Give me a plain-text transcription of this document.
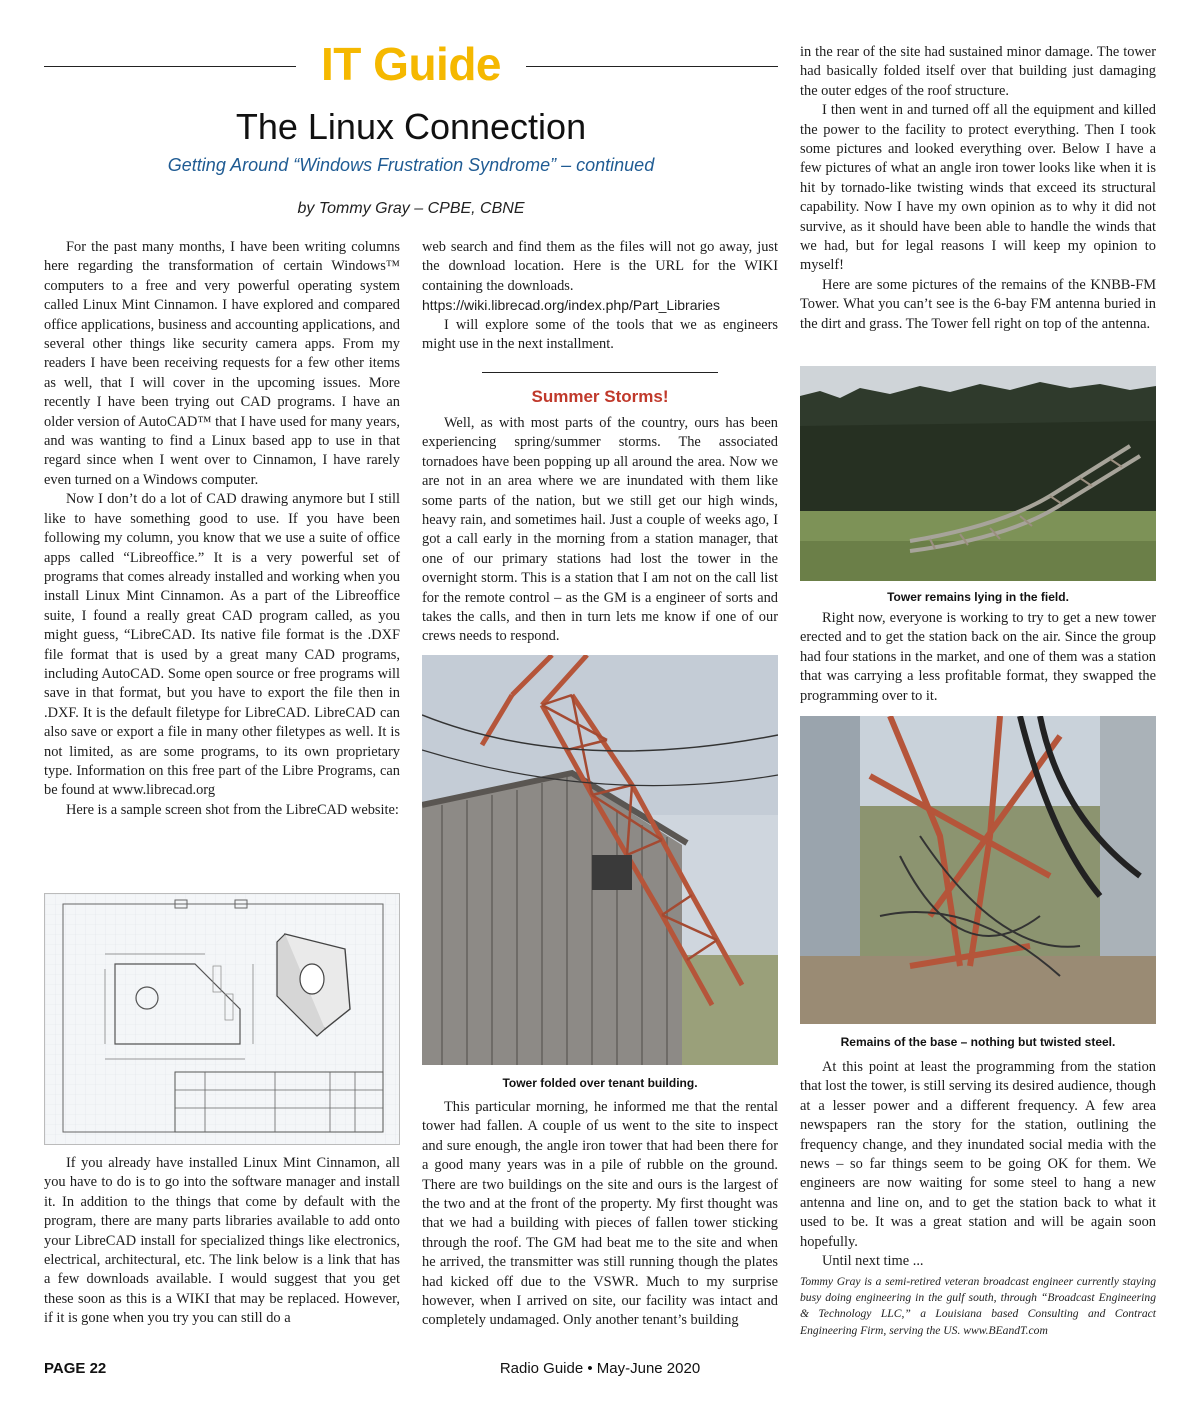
IT Guide
The Linux Connection
Getting Around “Windows Frustration Syndrome” – continued
by Tommy Gray – CPBE, CBNE

For the past many months, I have been writing columns here regarding the transformation of certain Windows™ computers to a free and very powerful operating system called Linux Mint Cinnamon. I have explored and compared office applications, business and accounting applications, and several other things like security camera apps. From my readers I have been receiving requests for a few other items as well, that I will cover in the upcoming issues. More recently I have been trying out CAD programs. I have an older version of AutoCAD™ that I have used for many years, and was wanting to find a Linux based app to use in that regard since when I went over to Cinnamon, I have rarely even turned on a Windows computer.

Now I don’t do a lot of CAD drawing anymore but I still like to have something good to use. If you have been following my column, you know that we use a suite of office apps called “Libreoffice.” It is a very powerful set of programs that comes already installed and working when you install Linux Mint Cinnamon. As a part of the Libreoffice suite, I found a really great CAD program called, as you might guess, “LibreCAD. Its native file format is the .DXF file format that is used by a great many CAD programs, including AutoCAD. Some open source or free programs will save in that format, but you have to export the file then in .DXF. It is the default filetype for LibreCAD. LibreCAD can also save or export a file in many other filetypes as well. It is not limited, as are some programs, to its own proprietary type. Information on this free part of the Libre Programs, can be found at www.librecad.org

Here is a sample screen shot from the LibreCAD website:

If you already have installed Linux Mint Cinnamon, all you have to do is to go into the software manager and install it. In addition to the things that come by default with the program, there are many parts libraries available to add onto your LibreCAD install for specialized things like electronics, electrical, architectural, etc. The link below is a link that has a few downloads available. I would suggest that you get these soon as this is a WIKI that may be replaced. However, if it is gone when you try you can still do a

web search and find them as the files will not go away, just the download location. Here is the URL for the WIKI containing the downloads.

https://wiki.librecad.org/index.php/Part_Libraries

I will explore some of the tools that we as engineers might use in the next installment.

Summer Storms!

Well, as with most parts of the country, ours has been experiencing spring/summer storms. The associated tornadoes have been popping up all around the area. Now we are not in an area where we are inundated with them like some parts of the nation, but we still get our high winds, heavy rain, and sometimes hail. Just a couple of weeks ago, I got a call early in the morning from a station manager, that one of our primary stations had lost the tower in the overnight storm. This is a station that I am not on the call list for the remote control – as the GM is a engineer of sorts and takes the calls, and then in turn lets me know if one of our crews needs to respond.

Tower folded over tenant building.

This particular morning, he informed me that the rental tower had fallen. A couple of us went to the site to inspect and sure enough, the angle iron tower that had been there for a good many years was in a pile of rubble on the ground. There are two buildings on the site and ours is the largest of the two and at the front of the property. My first thought was that we had a building with pieces of fallen tower sticking through the roof. The GM had beat me to the site and when he arrived, the transmitter was still running though the plates had kicked off due to the VSWR. Much to my surprise however, when I arrived on site, our facility was intact and completely undamaged. Only another tenant’s building

in the rear of the site had sustained minor damage. The tower had basically folded itself over that building just damaging the outer edges of the roof structure.

I then went in and turned off all the equipment and killed the power to the facility to protect everything. Then I took some pictures and looked everything over. Below I have a few pictures of what an angle iron tower looks like when it is hit by tornado-like twisting winds that exceed its structural capability. Now I have my own opinion as to why it did not survive, as it should have been able to handle the winds that we had, but for legal reasons I will keep my opinion to myself!

Here are some pictures of the remains of the KNBB-FM Tower. What you can’t see is the 6-bay FM antenna buried in the dirt and grass. The Tower fell right on top of the antenna.

Tower remains lying in the field.

Right now, everyone is working to try to get a new tower erected and to get the station back on the air. Since the group had four stations in the market, and one of them was a station that was carrying a less profitable format, they swapped the programming over to it.

Remains of the base – nothing but twisted steel.

At this point at least the programming from the station that lost the tower, is still serving its desired audience, though at a lesser power and a different frequency. A few area newspapers ran the story for the station, outlining the frequency change, and they inundated social media with the news – so far things seem to be going OK for them. We engineers are now waiting for some steel to hang a new antenna and line on, and to get the station back to what it used to be. It was a great station and will be again soon hopefully.

Until next time ...

Tommy Gray is a semi-retired veteran broadcast engineer currently staying busy doing engineering in the gulf south, through “Broadcast Engineering & Technology LLC,” a Louisiana based Consulting and Contract Engineering Firm, serving the US. www.BEandT.com
PAGE 22	Radio Guide • May-June 2020
